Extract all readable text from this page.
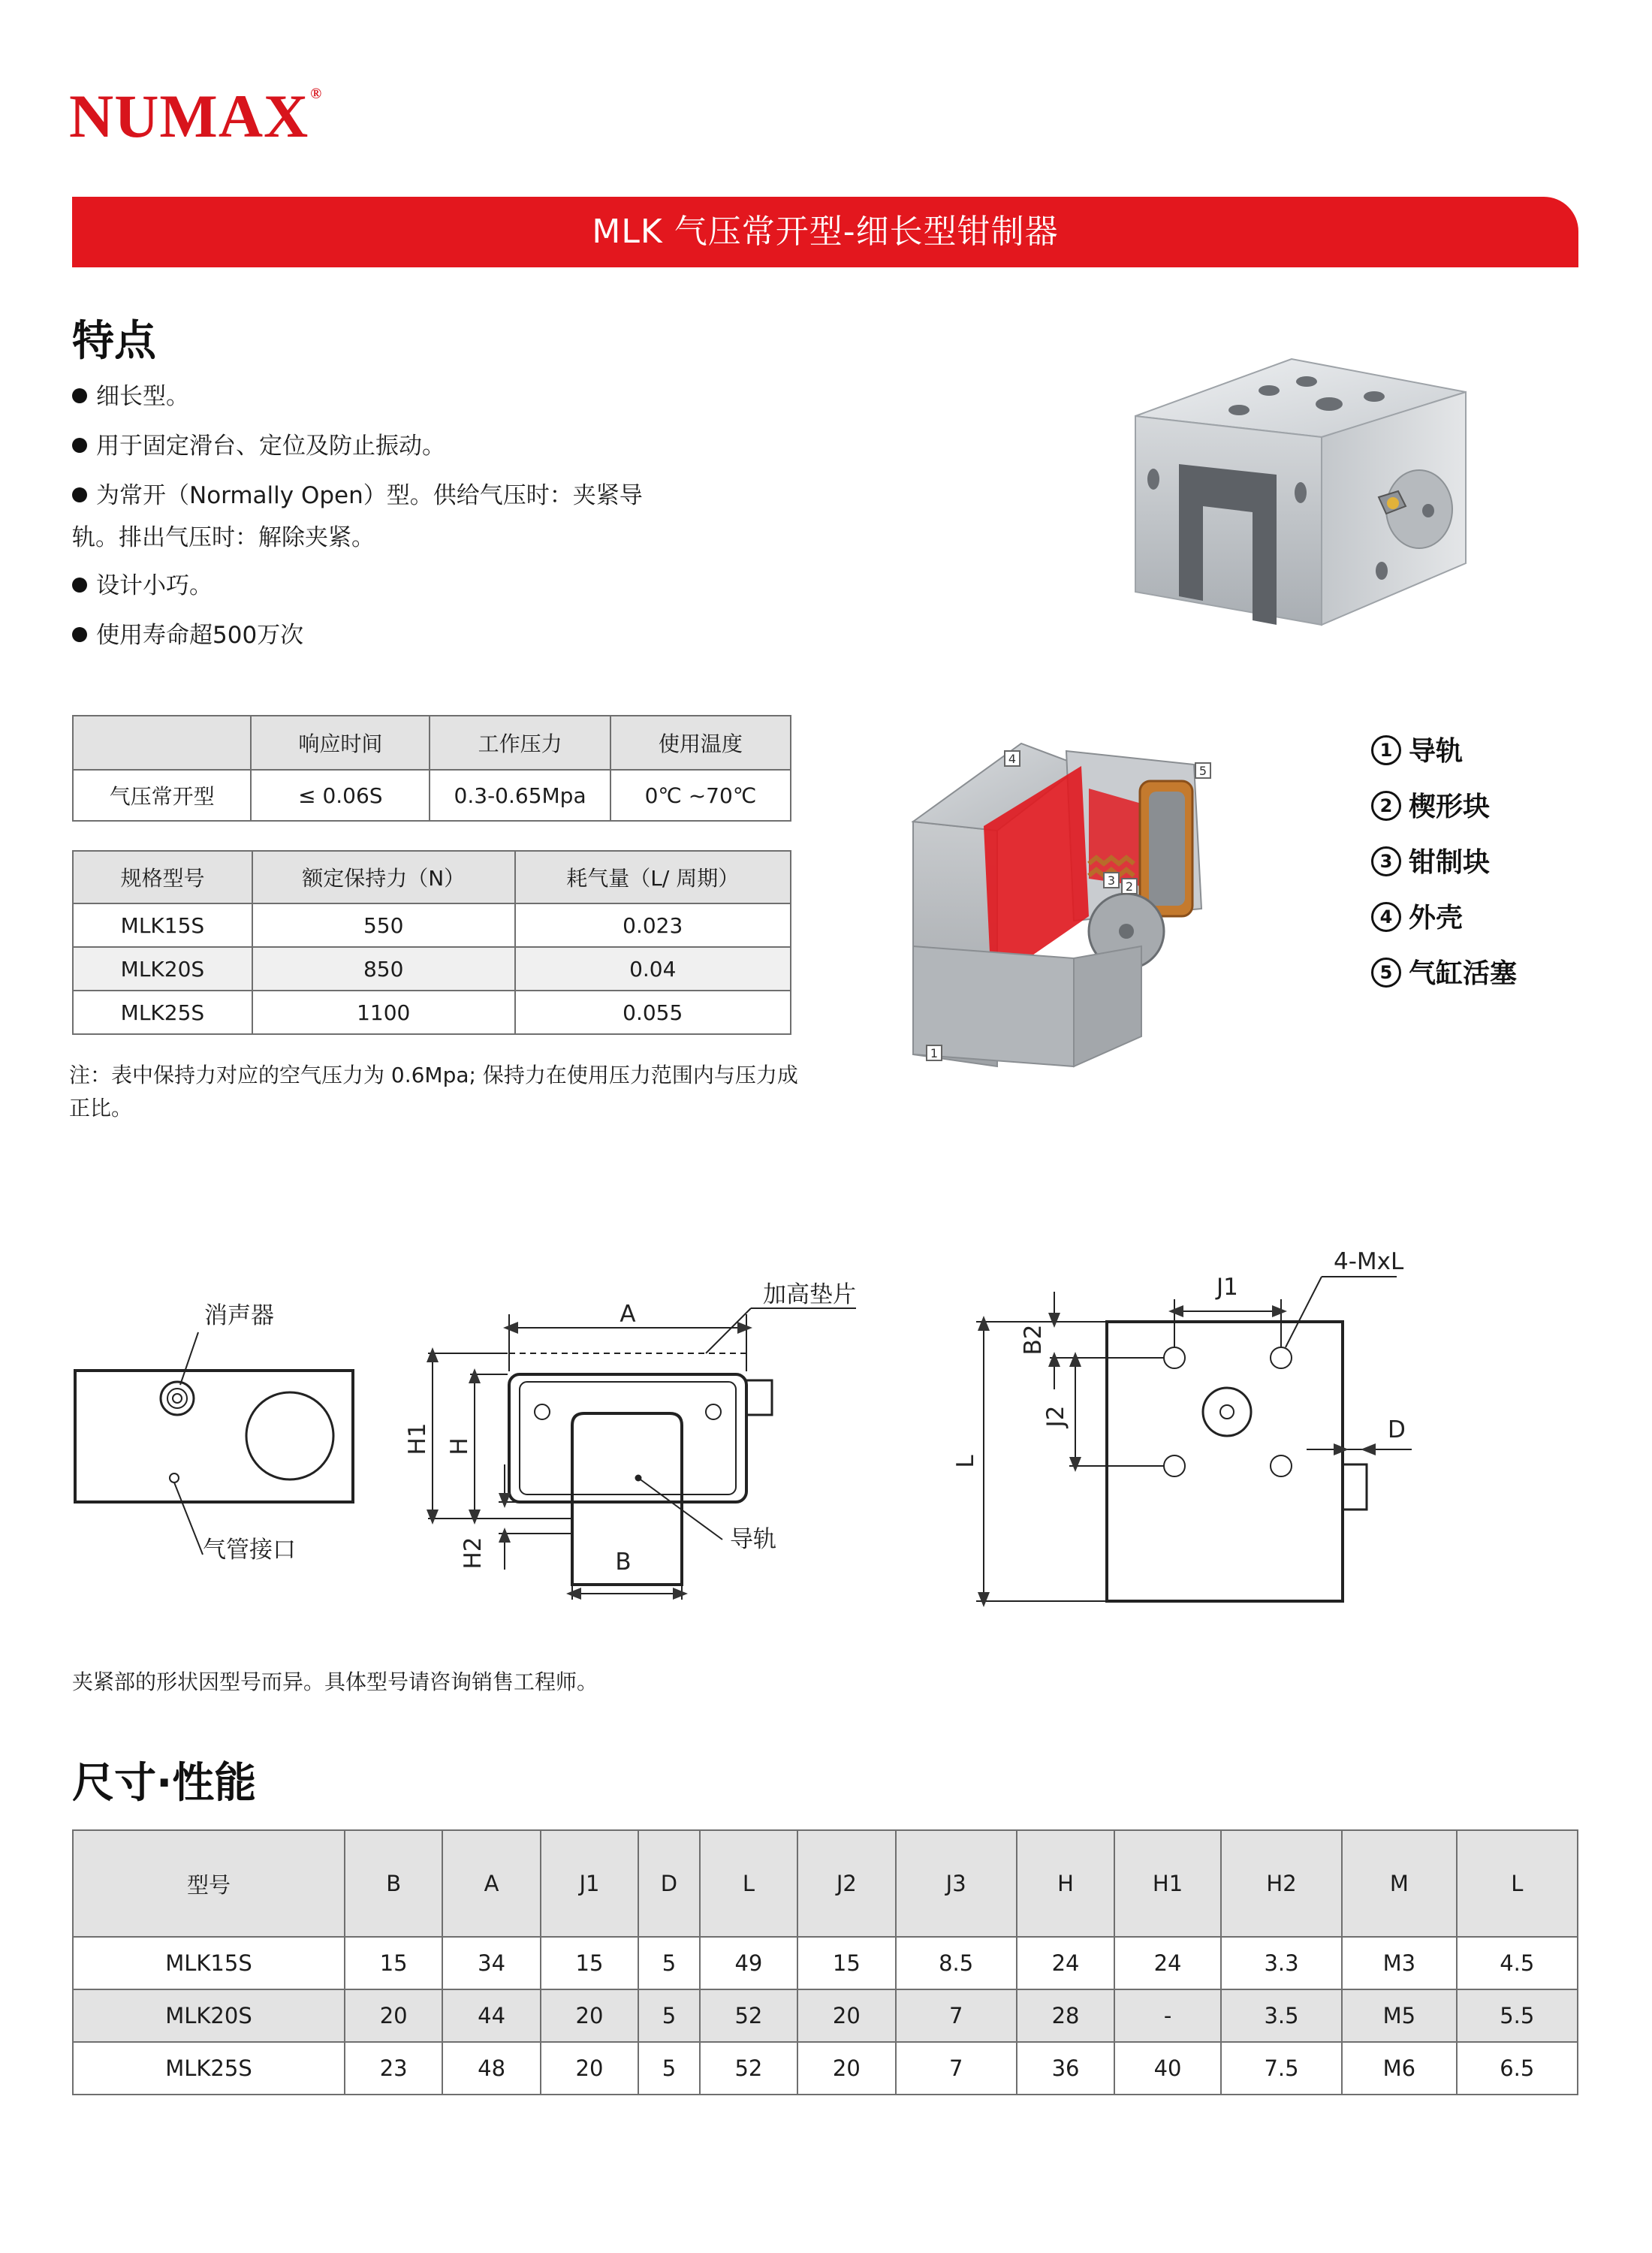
NUMAX ®
MLK 气压常开型-细长型钳制器
特点
细长型。
用于固定滑台、定位及防止振动。
为常开（Normally Open）型。供给气压时：夹紧导
轨。排出气压时：解除夹紧。
设计小巧。
使用寿命超500万次
	响应时间	工作压力	使用温度
气压常开型	≤ 0.06S	0.3-0.65Mpa	0℃ ~70℃
规格型号	额定保持力（N）	耗气量（L/ 周期）
MLK15S	550	0.023
MLK20S	850	0.04
MLK25S	1100	0.055
注：表中保持力对应的空气压力为 0.6Mpa; 保持力在使用压力范围内与压力成正比。
4
5
3 2
1
1 导轨
2 楔形块
3 钳制块
4 外壳
5 气缸活塞
消声器
气管接口
A
加高垫片
H1 H
H2	B
导轨
J1
4-MxL
B2
J2
L
D
夹紧部的形状因型号而异。具体型号请咨询销售工程师。
尺寸·性能
型号	B	A	J1	D	L	J2	J3	H	H1	H2	M	L
MLK15S	15	34	15	5	49	15	8.5	24	24	3.3	M3	4.5
MLK20S	20	44	20	5	52	20	7	28	-	3.5	M5	5.5
MLK25S	23	48	20	5	52	20	7	36	40	7.5	M6	6.5
